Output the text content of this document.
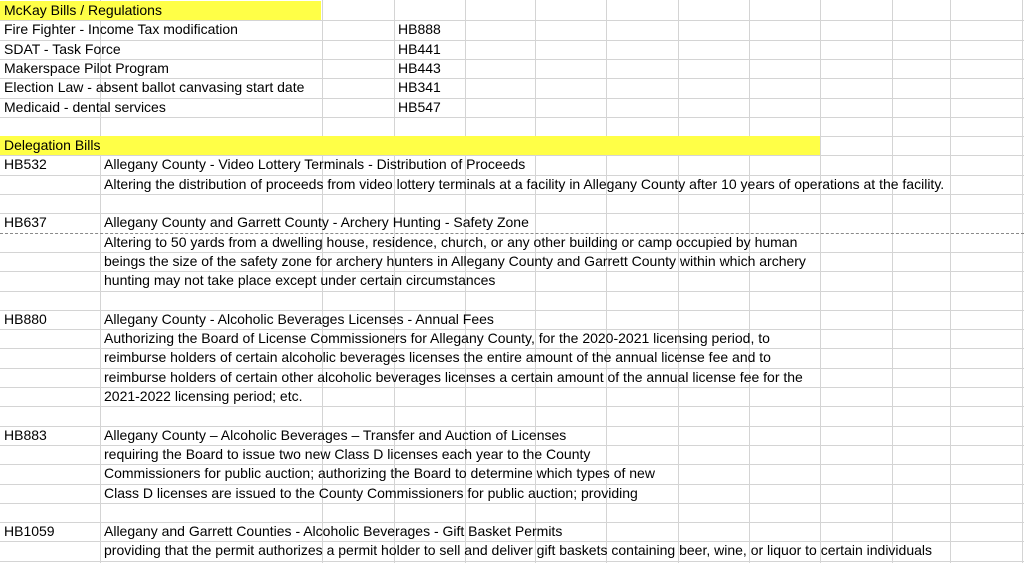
McKay Bills / Regulations
Fire Fighter - Income Tax modification	HB888
SDAT - Task Force	HB441
Makerspace Pilot Program	HB443
Election Law - absent ballot canvasing start date	HB341
Medicaid - dental services	HB547
Delegation Bills
HB532	Allegany County - Video Lottery Terminals - Distribution of Proceeds
Altering the distribution of proceeds from video lottery terminals at a facility in Allegany County after 10 years of operations at the facility.
HB637	Allegany County and Garrett County - Archery Hunting - Safety Zone
Altering to 50 yards from a dwelling house, residence, church, or any other building or camp occupied by human
beings the size of the safety zone for archery hunters in Allegany County and Garrett County within which archery
hunting may not take place except under certain circumstances
HB880	Allegany County - Alcoholic Beverages Licenses - Annual Fees
Authorizing the Board of License Commissioners for Allegany County, for the 2020-2021 licensing period, to
reimburse holders of certain alcoholic beverages licenses the entire amount of the annual license fee and to
reimburse holders of certain other alcoholic beverages licenses a certain amount of the annual license fee for the
2021-2022 licensing period; etc.
HB883	Allegany County – Alcoholic Beverages – Transfer and Auction of Licenses
requiring the Board to issue two new Class D licenses each year to the County
Commissioners for public auction; authorizing the Board to determine which types of new
Class D licenses are issued to the County Commissioners for public auction; providing
HB1059	Allegany and Garrett Counties - Alcoholic Beverages - Gift Basket Permits
providing that the permit authorizes a permit holder to sell and deliver gift baskets containing beer, wine, or liquor to certain individuals
